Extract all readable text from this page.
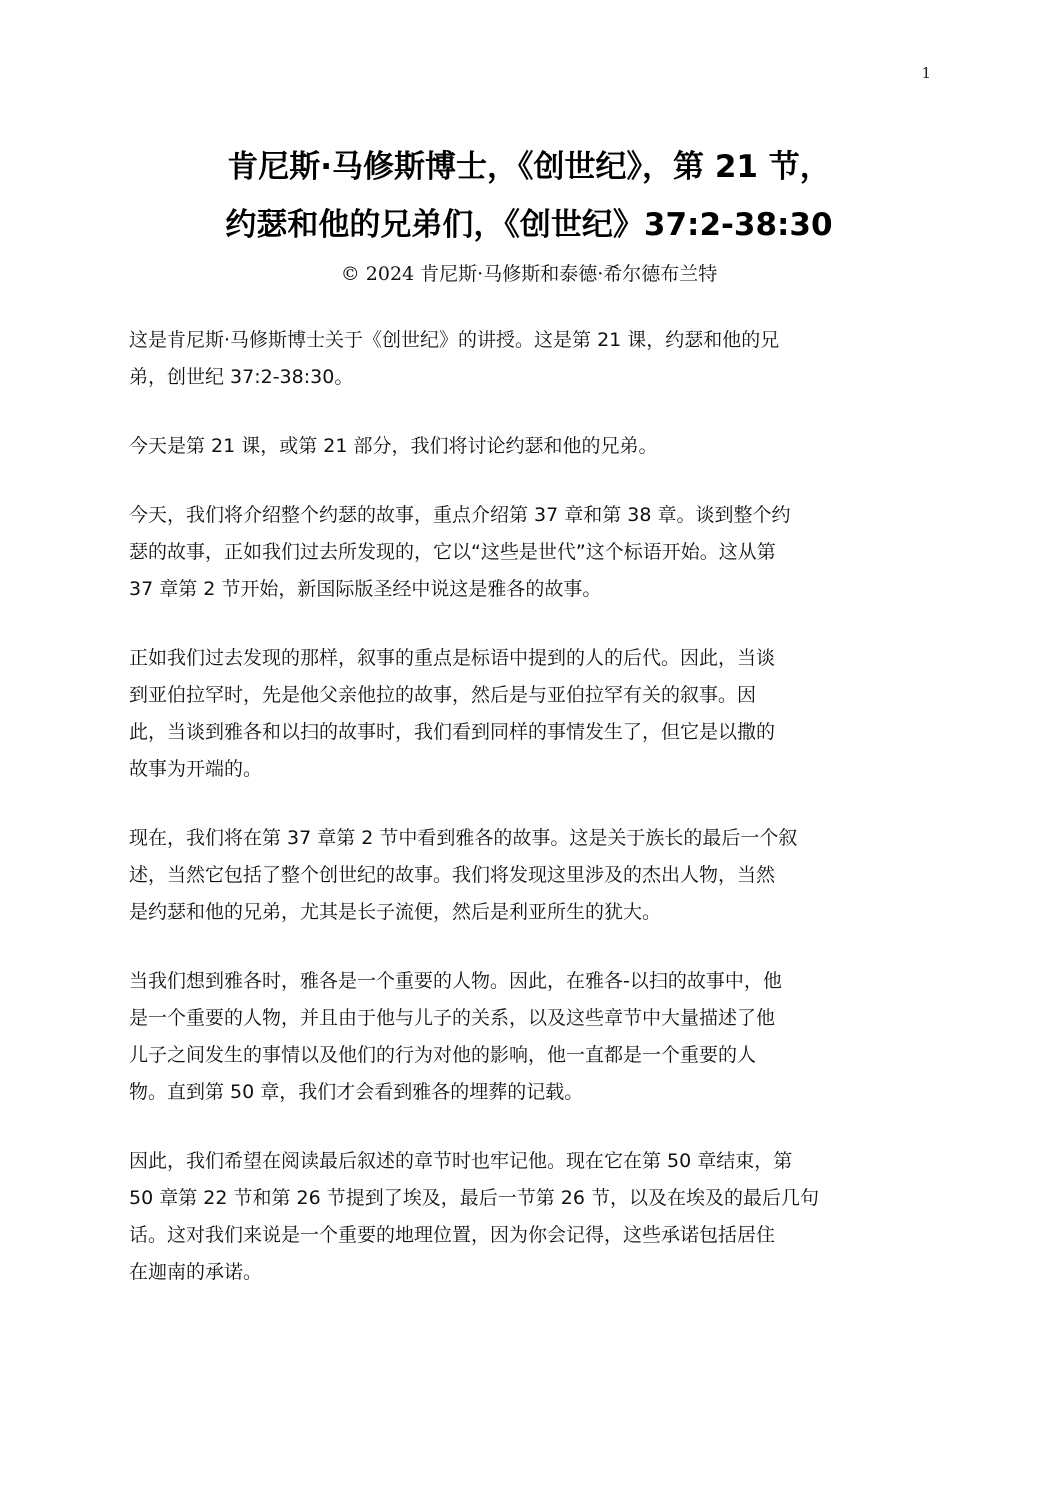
1
肯尼斯·马修斯博士，《创世纪》，第 21 节，
约瑟和他的兄弟们，《创世纪》37:2-38:30
© 2024 肯尼斯·马修斯和泰德·希尔德布兰特

这是肯尼斯·马修斯博士关于《创世纪》的讲授。这是第 21 课，约瑟和他的兄
弟，创世纪 37:2-38:30。

今天是第 21 课，或第 21 部分，我们将讨论约瑟和他的兄弟。

今天，我们将介绍整个约瑟的故事，重点介绍第 37 章和第 38 章。谈到整个约
瑟的故事，正如我们过去所发现的，它以“这些是世代”这个标语开始。这从第
37 章第 2 节开始，新国际版圣经中说这是雅各的故事。

正如我们过去发现的那样，叙事的重点是标语中提到的人的后代。因此，当谈
到亚伯拉罕时，先是他父亲他拉的故事，然后是与亚伯拉罕有关的叙事。因
此，当谈到雅各和以扫的故事时，我们看到同样的事情发生了，但它是以撒的
故事为开端的。

现在，我们将在第 37 章第 2 节中看到雅各的故事。这是关于族长的最后一个叙
述，当然它包括了整个创世纪的故事。我们将发现这里涉及的杰出人物，当然
是约瑟和他的兄弟，尤其是长子流便，然后是利亚所生的犹大。

当我们想到雅各时，雅各是一个重要的人物。因此，在雅各-以扫的故事中，他
是一个重要的人物，并且由于他与儿子的关系，以及这些章节中大量描述了他
儿子之间发生的事情以及他们的行为对他的影响，他一直都是一个重要的人
物。直到第 50 章，我们才会看到雅各的埋葬的记载。

因此，我们希望在阅读最后叙述的章节时也牢记他。现在它在第 50 章结束，第
50 章第 22 节和第 26 节提到了埃及，最后一节第 26 节，以及在埃及的最后几句
话。这对我们来说是一个重要的地理位置，因为你会记得，这些承诺包括居住
在迦南的承诺。
